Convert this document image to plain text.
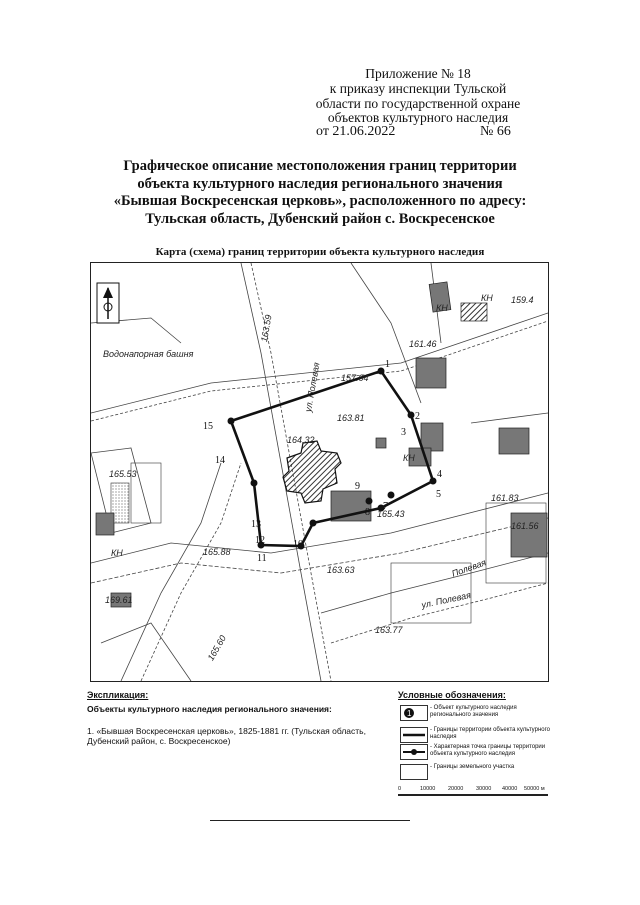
Приложение № 18
к приказу инспекции Тульской
области по государственной охране
объектов культурного наследия
от 21.06.2022	№ 66
Графическое описание местоположения границ территории
объекта культурного наследия регионального значения
«Бывшая Воскресенская церковь», расположенного по адресу:
Тульская область, Дубенский район с. Воскресенское
Карта (схема) границ территории объекта культурного наследия
Водонапорная башня
ул. Полевая
ул. Полевая
Полевая
КН
КН
КН
КН
159.4
161.46
163.59
157.04
163.81
164.32
165.53
161.83
165.43
165.88
163.63
161.56
169.61
165.60
163.77
1
2
3
4
5
7
8
9
10
11
12
13
14
15
Экспликация:
Объекты культурного наследия регионального значения:
1. «Бывшая Воскресенская церковь», 1825-1881 гг. (Тульская область, Дубенский район, с. Воскресенское)
Условные обозначения:
1
- Объект культурного наследия регионального значения
- Границы территории объекта культурного наследия
- Характерная точка границы территории объекта культурного наследия
- Границы земельного участка
0	10000 20000 30000 40000 50000 м
